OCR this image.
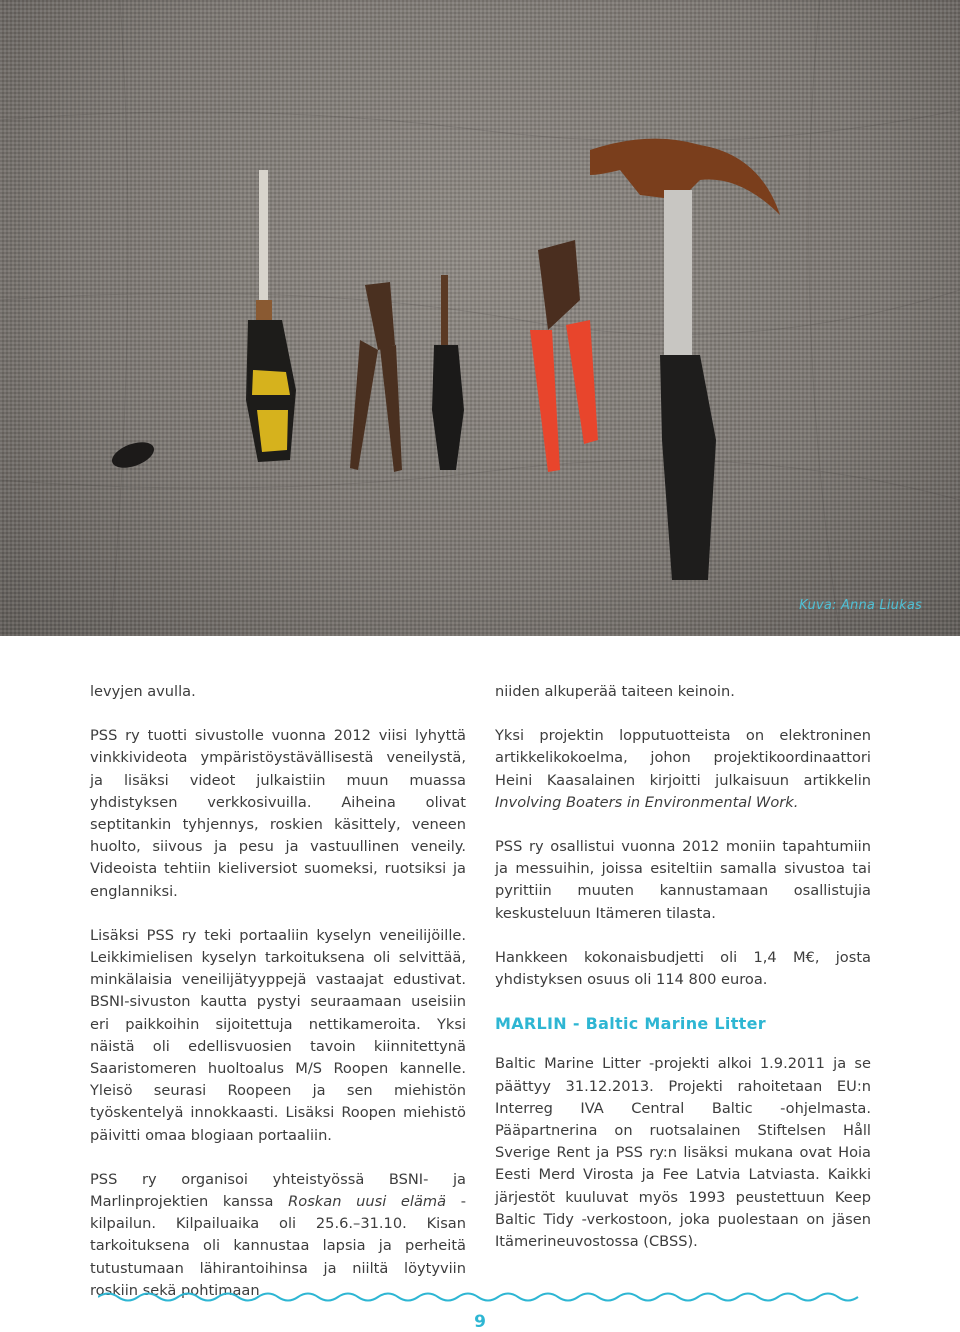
Kuva: Anna Liukas

levyjen avulla.

PSS ry tuotti sivustolle vuonna 2012 viisi lyhyttä vinkkivideota ympäristöystävällisestä veneilystä, ja lisäksi videot julkaistiin muun muassa yhdistyksen verkkosivuilla. Aiheina olivat septitankin tyhjennys, roskien käsittely, veneen huolto, siivous ja pesu ja vastuullinen veneily. Videoista tehtiin kieliversiot suomeksi, ruotsiksi ja englanniksi.

Lisäksi PSS ry teki portaaliin kyselyn veneilijöille. Leikkimielisen kyselyn tarkoituksena oli selvittää, minkälaisia veneilijätyyppejä vastaajat edustivat. BSNI-sivuston kautta pystyi seuraamaan useisiin eri paikkoihin sijoitettuja nettikameroita. Yksi näistä oli edellisvuosien tavoin kiinnitettynä Saaristomeren huoltoalus M/S Roopen kannelle. Yleisö seurasi Roopeen ja sen miehistön työskentelyä innokkaasti. Lisäksi Roopen miehistö päivitti omaa blogiaan portaaliin.

PSS ry organisoi yhteistyössä BSNI- ja Marlinprojektien kanssa Roskan uusi elämä -kilpailun. Kilpailuaika oli 25.6.–31.10. Kisan tarkoituksena oli kannustaa lapsia ja perheitä tutustumaan lähirantoihinsa ja niiltä löytyviin roskiin sekä pohtimaan

niiden alkuperää taiteen keinoin.

Yksi projektin lopputuotteista on elektroninen artikkelikokoelma, johon projektikoordinaattori Heini Kaasalainen kirjoitti julkaisuun artikkelin Involving Boaters in Environmental Work.

PSS ry osallistui vuonna 2012 moniin tapahtumiin ja messuihin, joissa esiteltiin samalla sivustoa tai pyrittiin muuten kannustamaan osallistujia keskusteluun Itämeren tilasta.

Hankkeen kokonaisbudjetti oli 1,4 M€, josta yhdistyksen osuus oli 114 800 euroa.

MARLIN - Baltic Marine Litter

Baltic Marine Litter -projekti alkoi 1.9.2011 ja se päättyy 31.12.2013. Projekti rahoitetaan EU:n Interreg IVA Central Baltic -ohjelmasta. Pääpartnerina on ruotsalainen Stiftelsen Håll Sverige Rent ja PSS ry:n lisäksi mukana ovat Hoia Eesti Merd Virosta ja Fee Latvia Latviasta. Kaikki järjestöt kuuluvat myös 1993 peustettuun Keep Baltic Tidy -verkostoon, joka puolestaan on jäsen Itämerineuvostossa (CBSS).

9
